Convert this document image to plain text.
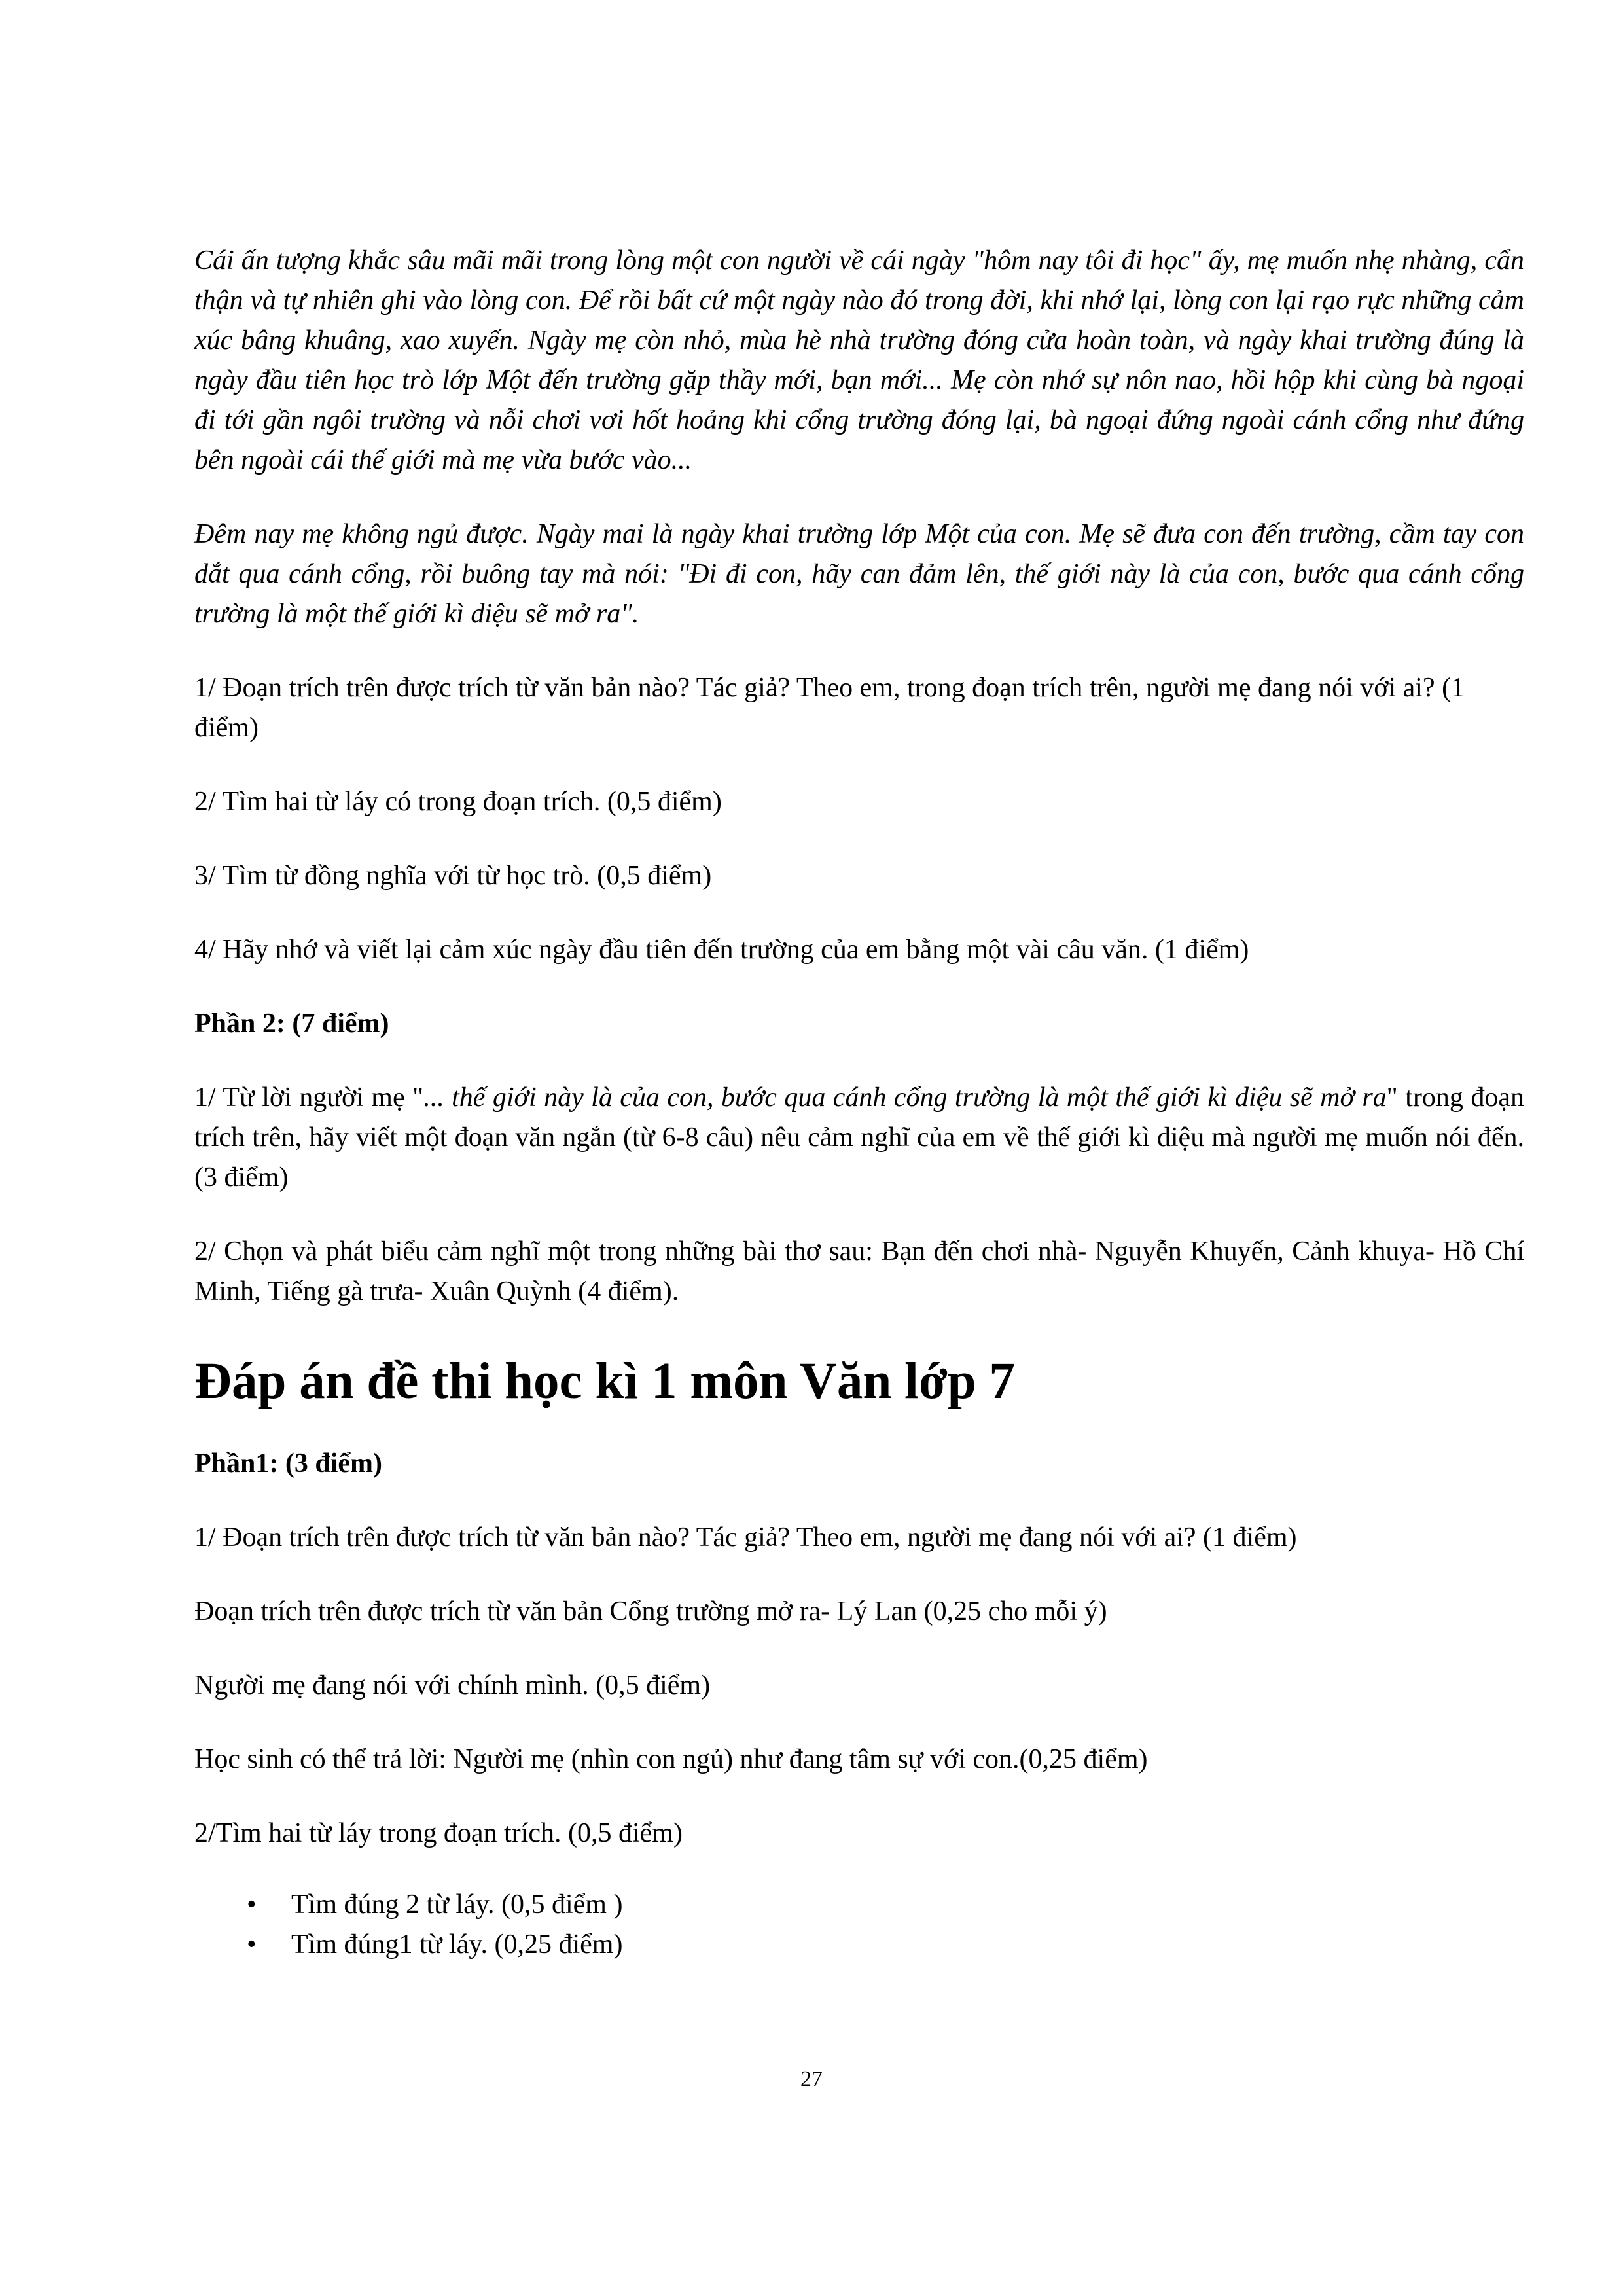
Cái ấn tượng khắc sâu mãi mãi trong lòng một con người về cái ngày "hôm nay tôi đi học" ấy, mẹ muốn nhẹ nhàng, cẩn thận và tự nhiên ghi vào lòng con. Để rồi bất cứ một ngày nào đó trong đời, khi nhớ lại, lòng con lại rạo rực những cảm xúc bâng khuâng, xao xuyến. Ngày mẹ còn nhỏ, mùa hè nhà trường đóng cửa hoàn toàn, và ngày khai trường đúng là ngày đầu tiên học trò lớp Một đến trường gặp thầy mới, bạn mới... Mẹ còn nhớ sự nôn nao, hồi hộp khi cùng bà ngoại đi tới gần ngôi trường và nỗi chơi vơi hốt hoảng khi cổng trường đóng lại, bà ngoại đứng ngoài cánh cổng như đứng bên ngoài cái thế giới mà mẹ vừa bước vào...

Đêm nay mẹ không ngủ được. Ngày mai là ngày khai trường lớp Một của con. Mẹ sẽ đưa con đến trường, cầm tay con dắt qua cánh cổng, rồi buông tay mà nói: "Đi đi con, hãy can đảm lên, thế giới này là của con, bước qua cánh cổng trường là một thế giới kì diệu sẽ mở ra".

1/ Đoạn trích trên được trích từ văn bản nào? Tác giả? Theo em, trong đoạn trích trên, người mẹ đang nói với ai? (1 điểm)

2/ Tìm hai từ láy có trong đoạn trích. (0,5 điểm)

3/ Tìm từ đồng nghĩa với từ học trò. (0,5 điểm)

4/ Hãy nhớ và viết lại cảm xúc ngày đầu tiên đến trường của em bằng một vài câu văn. (1 điểm)

Phần 2: (7 điểm)

1/ Từ lời người mẹ "... thế giới này là của con, bước qua cánh cổng trường là một thế giới kì diệu sẽ mở ra" trong đoạn trích trên, hãy viết một đoạn văn ngắn (từ 6-8 câu) nêu cảm nghĩ của em về thế giới kì diệu mà người mẹ muốn nói đến. (3 điểm)

2/ Chọn và phát biểu cảm nghĩ một trong những bài thơ sau: Bạn đến chơi nhà- Nguyễn Khuyến, Cảnh khuya- Hồ Chí Minh, Tiếng gà trưa- Xuân Quỳnh (4 điểm).

Đáp án đề thi học kì 1 môn Văn lớp 7

Phần1: (3 điểm)

1/ Đoạn trích trên được trích từ văn bản nào? Tác giả? Theo em, người mẹ đang nói với ai? (1 điểm)

Đoạn trích trên được trích từ văn bản Cổng trường mở ra- Lý Lan (0,25 cho mỗi ý)

Người mẹ đang nói với chính mình. (0,5 điểm)

Học sinh có thể trả lời: Người mẹ (nhìn con ngủ) như đang tâm sự với con.(0,25 điểm)

2/Tìm hai từ láy trong đoạn trích. (0,5 điểm)

• Tìm đúng 2 từ láy. (0,5 điểm )
• Tìm đúng1 từ láy. (0,25 điểm)
27
